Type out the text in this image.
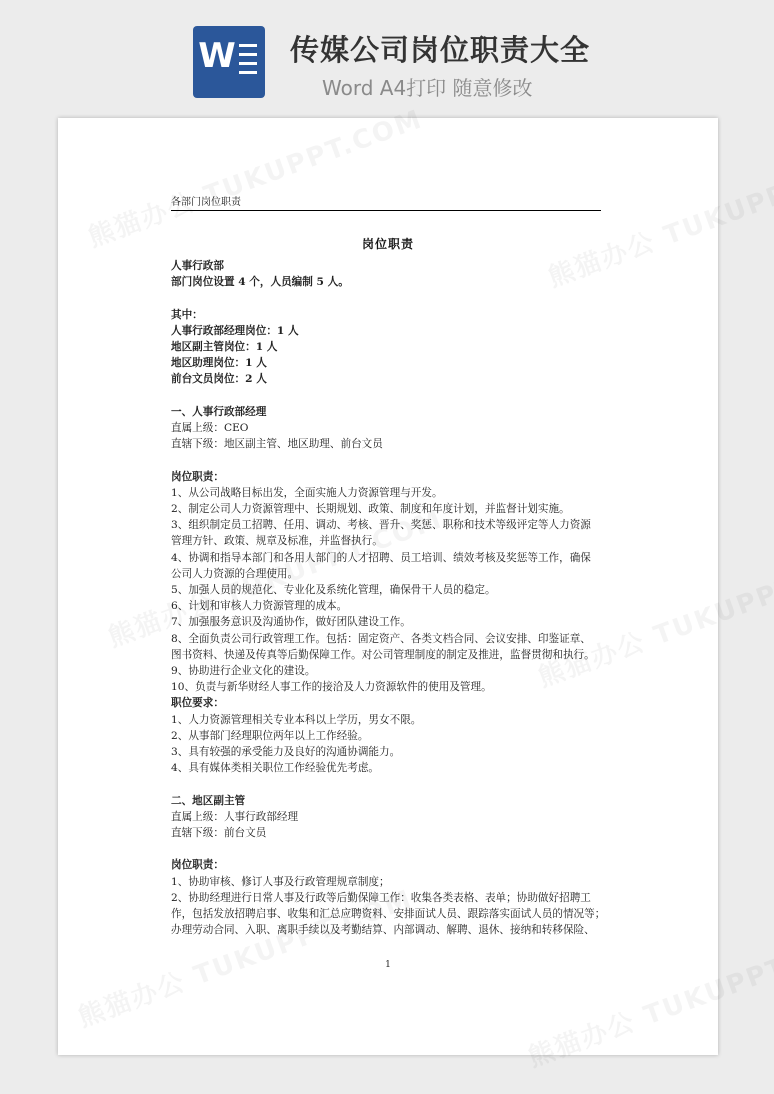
W 传媒公司岗位职责大全
Word A4打印 随意修改
各部门岗位职责
岗位职责
人事行政部
部门岗位设置 4 个，人员编制 5 人。
其中：
人事行政部经理岗位：1 人
地区副主管岗位：1 人
地区助理岗位：1 人
前台文员岗位：2 人
一、人事行政部经理
直属上级：CEO
直辖下级：地区副主管、地区助理、前台文员
岗位职责：
1、从公司战略目标出发，全面实施人力资源管理与开发。
2、制定公司人力资源管理中、长期规划、政策、制度和年度计划，并监督计划实施。
3、组织制定员工招聘、任用、调动、考核、晋升、奖惩、职称和技术等级评定等人力资源
管理方针、政策、规章及标准，并监督执行。
4、协调和指导本部门和各用人部门的人才招聘、员工培训、绩效考核及奖惩等工作，确保
公司人力资源的合理使用。
5、加强人员的规范化、专业化及系统化管理，确保骨干人员的稳定。
6、计划和审核人力资源管理的成本。
7、加强服务意识及沟通协作，做好团队建设工作。
8、全面负责公司行政管理工作。包括：固定资产、各类文档合同、会议安排、印鉴证章、
图书资料、快递及传真等后勤保障工作。对公司管理制度的制定及推进，监督贯彻和执行。
9、协助进行企业文化的建设。
10、负责与新华财经人事工作的接洽及人力资源软件的使用及管理。
职位要求：
1、人力资源管理相关专业本科以上学历，男女不限。
2、从事部门经理职位两年以上工作经验。
3、具有较强的承受能力及良好的沟通协调能力。
4、具有媒体类相关职位工作经验优先考虑。
二、地区副主管
直属上级：人事行政部经理
直辖下级：前台文员
岗位职责：
1、协助审核、修订人事及行政管理规章制度；
2、协助经理进行日常人事及行政等后勤保障工作：收集各类表格、表单；协助做好招聘工
作，包括发放招聘启事、收集和汇总应聘资料、安排面试人员、跟踪落实面试人员的情况等；
办理劳动合同、入职、离职手续以及考勤结算、内部调动、解聘、退休、接纳和转移保险、
1
